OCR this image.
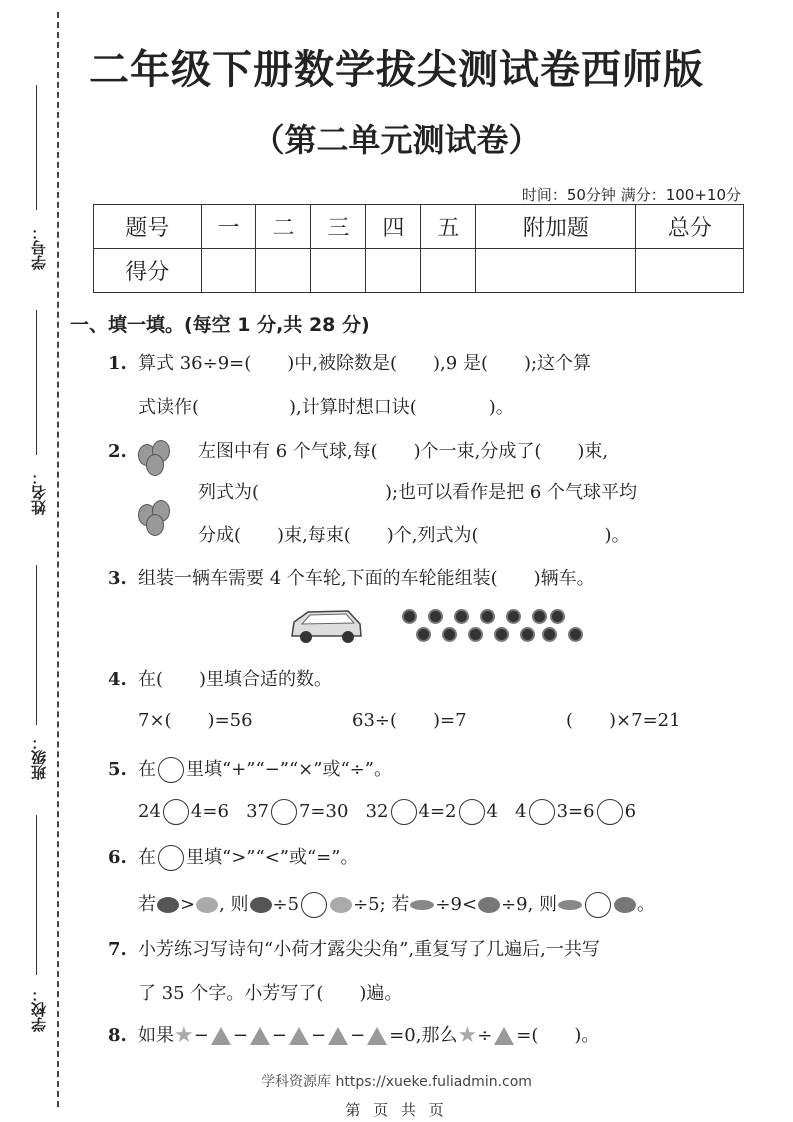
学号：
姓名：
班级：
学校：
二年级下册数学拔尖测试卷西师版
（第二单元测试卷）
时间：50分钟 满分：100+10分
题号	一	二	三	四	五	附加题	总分
得分							
一、填一填。(每空 1 分,共 28 分)
1. 算式 36÷9=(　　)中,被除数是(　　),9 是(　　);这个算
式读作(　　　　　),计算时想口诀(　　　　)。
2.	左图中有 6 个气球,每(　　)个一束,分成了(　　)束,
列式为(　　　　　　　);也可以看作是把 6 个气球平均
分成(　　)束,每束(　　)个,列式为(　　　　　　　)。
3. 组装一辆车需要 4 个车轮,下面的车轮能组装(　　)辆车。
4. 在(　　)里填合适的数。
7×(　　)=56	63÷(　　)=7	(　　)×7=21
5. 在 里填“+”“−”“×”或“÷”。
24 4=6 37 7=30 32 4=2 4 4 3=6 6
6. 在 里填“>”“<”或“=”。
若 > , 则 ÷5	÷5; 若 ÷9< ÷9, 则	。
7. 小芳练习写诗句“小荷才露尖尖角”,重复写了几遍后,一共写
了 35 个字。小芳写了(　　)遍。
8. 如果★− − − − − =0,那么★÷ =(　　)。
学科资源库 https://xueke.fuliadmin.com
第 页 共 页
